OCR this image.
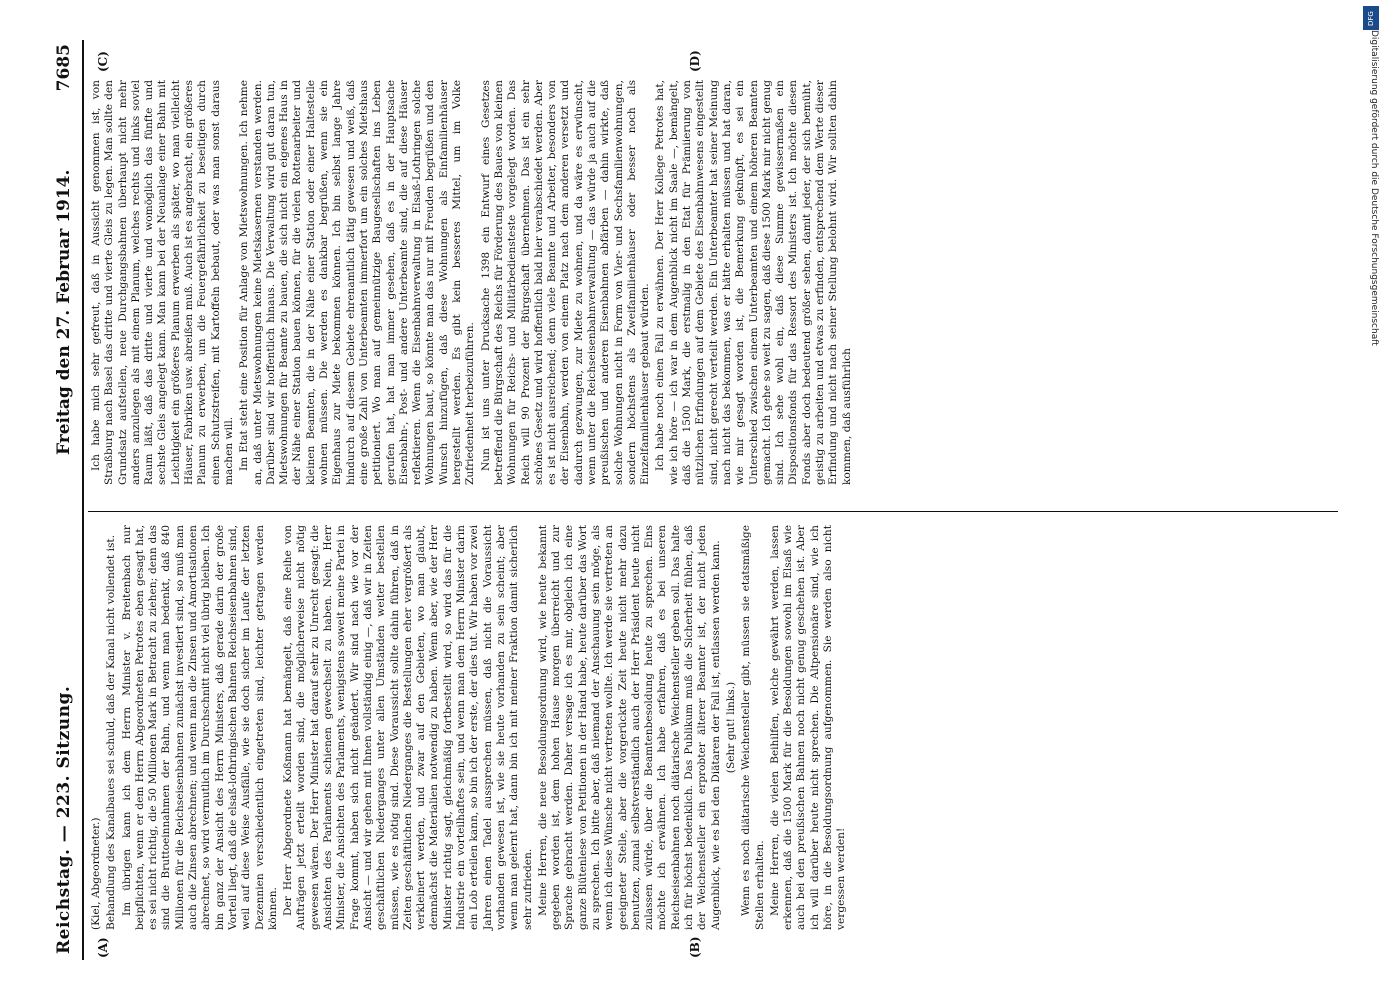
Reichstag. — 223. Sitzung.
Freitag den 27. Februar 1914.
7685
(A)	(B)
(C)	(D)

(Kiel, Abgeordneter.) Behandlung des Kanalbaues sei schuld, daß der Kanal nicht vollendet ist. Im übrigen kann ich dem Herrn Minister v. Breitenbach nur beipflichten, wenn er dem Herrn Abgeordneten Petrotes eben gesagt hat, es sei nicht richtig, die 50 Millionen Mark in Betracht zu ziehen; denn das sind die Bruttoeinnahmen der Bahn, und wenn man bedenkt, daß 840 Millionen für die Reichseisenbahnen zunächst investiert sind, so muß man auch die Zinsen abrechnen; und wenn man die Zinsen und Amortisationen abrechnet, so wird vermutlich im Durchschnitt nicht viel übrig bleiben. Ich bin ganz der Ansicht des Herrn Ministers, daß gerade darin der große Vorteil liegt, daß die elsaß-lothringischen Bahnen Reichseisenbahnen sind, weil auf diese Weise Ausfälle, wie sie doch sicher im Laufe der letzten Dezennien verschiedentlich eingetreten sind, leichter getragen werden können. Der Herr Abgeordnete Koßmann hat bemängelt, daß eine Reihe von Aufträgen jetzt erteilt worden sind, die möglicherweise nicht nötig gewesen wären. Der Herr Minister hat darauf sehr zu Unrecht gesagt: die Ansichten des Parlaments schienen gewechselt zu haben. Nein, Herr Minister, die Ansichten des Parlaments, wenigstens soweit meine Partei in Frage kommt, haben sich nicht geändert. Wir sind nach wie vor der Ansicht — und wir gehen mit Ihnen vollständig einig —, daß wir in Zeiten geschäftlichen Niederganges unter allen Umständen weiter bestellen müssen, wie es nötig sind. Diese Voraussicht sollte dahin führen, daß in Zeiten geschäftlichen Niederganges die Bestellungen eher vergrößert als verkleinert werden, und zwar auf den Gebieten, wo man glaubt, demnächst die Materialien notwendig zu haben. Wenn aber, wie der Herr Minister richtig sagt, gleichmäßig fortbestellt wird, so wird das für die Industrie ein vorteilhaftes sein, und wenn man dem Herrn Minister darin ein Lob erteilen kann, so bin ich der erste, der dies tut. Wir haben vor zwei Jahren einen Tadel aussprechen müssen, daß nicht die Voraussicht vorhanden gewesen ist, wie sie heute vorhanden zu sein scheint; aber wenn man gelernt hat, dann bin ich mit meiner Fraktion damit sicherlich sehr zufrieden. Meine Herren, die neue Besoldungsordnung wird, wie heute bekannt gegeben worden ist, dem hohen Hause morgen überreicht und zur Sprache gebracht werden. Daher versage ich es mir, obgleich ich eine ganze Blütenlese von Petitionen in der Hand habe, heute darüber das Wort zu sprechen. Ich bitte aber, daß niemand der Anschauung sein möge, als wenn ich diese Wünsche nicht vertreten wollte. Ich werde sie vertreten an geeigneter Stelle, aber die vorgerückte Zeit heute nicht mehr dazu benutzen, zumal selbstverständlich auch der Herr Präsident heute nicht zulassen würde, über die Beamtenbesoldung heute zu sprechen. Eins möchte ich erwähnen. Ich habe erfahren, daß es bei unseren Reichseisenbahnen noch diätarische Weichensteller geben soll. Das halte ich für höchst bedenklich. Das Publikum muß die Sicherheit fühlen, daß der Weichensteller ein erprobter älterer Beamter ist, der nicht jeden Augenblick, wie es bei den Diätaren der Fall ist, entlassen werden kann. (Sehr gut! links.) Wenn es noch diätarische Weichensteller gibt, müssen sie etatsmäßige Stellen erhalten. Meine Herren, die vielen Beihilfen, welche gewährt werden, lassen erkennen, daß die 1500 Mark für die Besoldungen sowohl im Elsaß wie auch bei den preußischen Bahnen noch nicht genug geschehen ist. Aber ich will darüber heute nicht sprechen. Die Altpensionäre sind, wie ich höre, in die Besoldungsordnung aufgenommen. Sie werden also nicht vergessen werden!

Ich habe mich sehr gefreut, daß in Aussicht genommen ist, von Straßburg nach Basel das dritte und vierte Gleis zu legen. Man sollte den Grundsatz aufstellen, neue Durchgangsbahnen überhaupt nicht mehr anders anzulegen als mit einem Planum, welches rechts und links soviel Raum läßt, daß das dritte und vierte und womöglich das fünfte und sechste Gleis angelegt kann. Man kann bei der Neuanlage einer Bahn mit Leichtigkeit ein größeres Planum erwerben als später, wo man vielleicht Häuser, Fabriken usw. abreißen muß. Auch ist es angebracht, ein größeres Planum zu erwerben, um die Feuergefährlichkeit zu beseitigen durch einen Schutzstreifen, mit Kartoffeln bebaut, oder was man sonst daraus machen will. Im Etat steht eine Position für Anlage von Mietswohnungen. Ich nehme an, daß unter Mietswohnungen keine Mietskasernen verstanden werden. Darüber sind wir hoffentlich hinaus. Die Verwaltung wird gut daran tun, Mietswohnungen für Beamte zu bauen, die sich nicht ein eigenes Haus in der Nähe einer Station bauen können, für die vielen Rottenarbeiter und kleinen Beamten, die in der Nähe einer Station oder einer Haltestelle wohnen müssen. Die werden es dankbar begrüßen, wenn sie ein Eigenhaus zur Miete bekommen können. Ich bin selbst lange Jahre hindurch auf diesem Gebiete ehrenamtlich tätig gewesen und weiß, daß eine große Zahl von Unterbeamten immerfort um ein solches Mietshaus petitioniert. Wo man auf gemeinnützige Baugesellschaften ins Leben gerufen hat, hat man immer gesehen, daß es in der Hauptsache Eisenbahn-, Post- und andere Unterbeamte sind, die auf diese Häuser reflektieren. Wenn die Eisenbahnverwaltung in Elsaß-Lothringen solche Wohnungen baut, so könnte man das nur mit Freuden begrüßen und den Wunsch hinzufügen, daß diese Wohnungen als Einfamilienhäuser hergestellt werden. Es gibt kein besseres Mittel, um im Volke Zufriedenheit herbeizuführen. Nun ist uns unter Drucksache 1398 ein Entwurf eines Gesetzes betreffend die Bürgschaft des Reichs für Förderung des Baues von kleinen Wohnungen für Reichs- und Militärbediensteste vorgelegt worden. Das Reich will 90 Prozent der Bürgschaft übernehmen. Das ist ein sehr schönes Gesetz und wird hoffentlich bald hier verabschiedet werden. Aber es ist nicht ausreichend; denn viele Beamte und Arbeiter, besonders von der Eisenbahn, werden von einem Platz nach dem anderen versetzt und dadurch gezwungen, zur Miete zu wohnen, und da wäre es erwünscht, wenn unter die Reichseisenbahnverwaltung — das würde ja auch auf die preußischen und anderen Eisenbahnen abfärben — dahin wirkte, daß solche Wohnungen nicht in Form von Vier- und Sechsfamilienwohnungen, sondern höchstens als Zweifamilienhäuser oder besser noch als Einzelfamilienhäuser gebaut würden. Ich habe noch einen Fall zu erwähnen. Der Herr Kollege Petrotes hat, wie ich höre — ich war in dem Augenblick nicht im Saale —, bemängelt, daß die 1500 Mark, die erstmalig in den Etat für Prämiierung von nützlichen Erfindungen auf dem Gebiete des Eisenbahnwesens eingestellt sind, nicht gerecht verteilt werden. Ein Unterbeamter hat seiner Meinung nach nicht das bekommen, was er hätte erhalten müssen und hat daran, wie mir gesagt worden ist, die Bemerkung geknüpft, es sei ein Unterschied zwischen einem Unterbeamten und einem höheren Beamten gemacht. Ich gehe so weit zu sagen, daß diese 1500 Mark mir nicht genug sind. Ich sehe wohl ein, daß diese Summe gewissermaßen ein Dispositionsfonds für das Ressort des Ministers ist. Ich möchte diesen Fonds aber doch bedeutend größer sehen, damit jeder, der sich bemüht, geistig zu arbeiten und etwas zu erfinden, entsprechend dem Werte dieser Erfindung und nicht nach seiner Stellung belohnt wird. Wir sollten dahin kommen, daß ausführlich

DFG
Digitalisierung gefördert durch die Deutsche Forschungsgemeinschaft
